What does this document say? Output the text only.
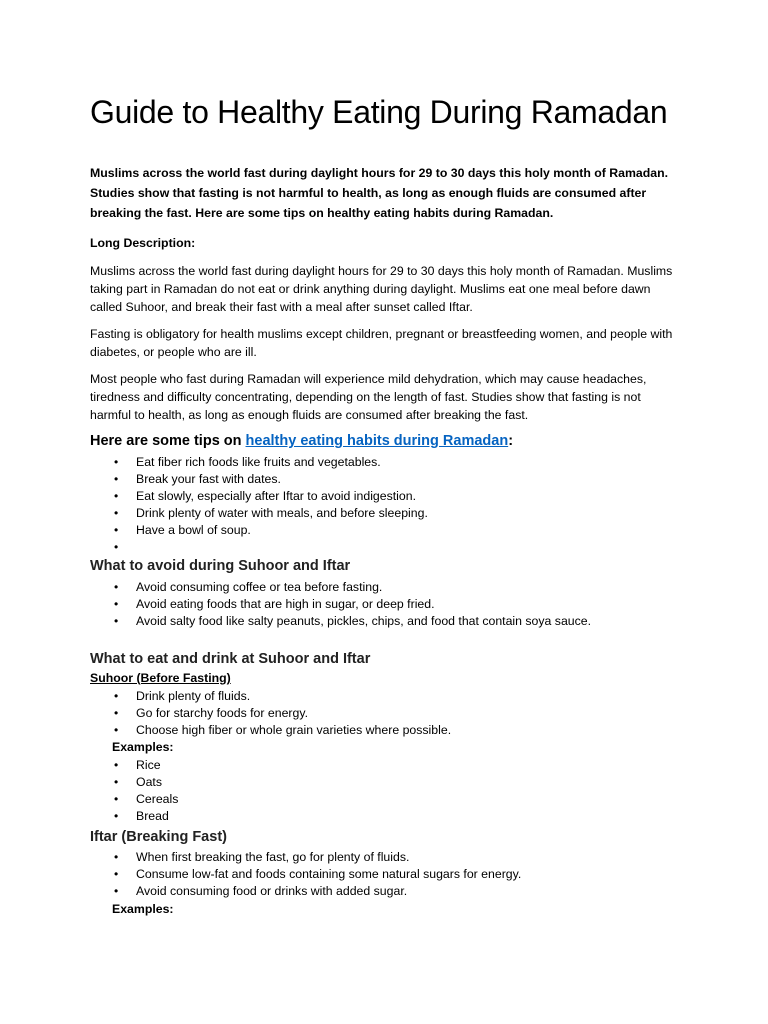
Guide to Healthy Eating During Ramadan

Muslims across the world fast during daylight hours for 29 to 30 days this holy month of Ramadan. Studies show that fasting is not harmful to health, as long as enough fluids are consumed after breaking the fast. Here are some tips on healthy eating habits during Ramadan.

Long Description:

Muslims across the world fast during daylight hours for 29 to 30 days this holy month of Ramadan. Muslims taking part in Ramadan do not eat or drink anything during daylight. Muslims eat one meal before dawn called Suhoor, and break their fast with a meal after sunset called Iftar.

Fasting is obligatory for health muslims except children, pregnant or breastfeeding women, and people with diabetes, or people who are ill.

Most people who fast during Ramadan will experience mild dehydration, which may cause headaches, tiredness and difficulty concentrating, depending on the length of fast. Studies show that fasting is not harmful to health, as long as enough fluids are consumed after breaking the fast.

Here are some tips on healthy eating habits during Ramadan:

• Eat fiber rich foods like fruits and vegetables.
• Break your fast with dates.
• Eat slowly, especially after Iftar to avoid indigestion.
• Drink plenty of water with meals, and before sleeping.
• Have a bowl of soup.
•

What to avoid during Suhoor and Iftar

• Avoid consuming coffee or tea before fasting.
• Avoid eating foods that are high in sugar, or deep fried.
• Avoid salty food like salty peanuts, pickles, chips, and food that contain soya sauce.

What to eat and drink at Suhoor and Iftar

Suhoor (Before Fasting)

• Drink plenty of fluids.
• Go for starchy foods for energy.
• Choose high fiber or whole grain varieties where possible.

Examples:

• Rice
• Oats
• Cereals
• Bread

Iftar (Breaking Fast)

• When first breaking the fast, go for plenty of fluids.
• Consume low-fat and foods containing some natural sugars for energy.
• Avoid consuming food or drinks with added sugar.

Examples:
